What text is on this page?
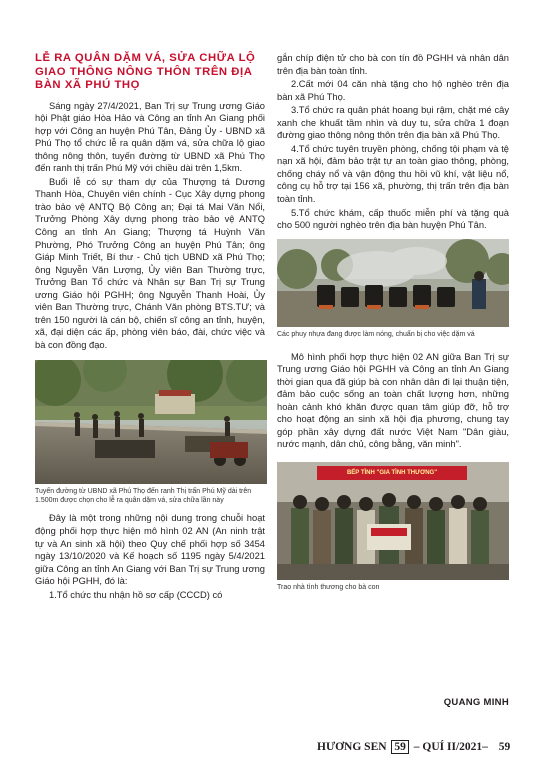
LỄ RA QUÂN DẶM VÁ, SỬA CHỮA LỘ
GIAO THÔNG NÔNG THÔN TRÊN ĐỊA
BÀN XÃ PHÚ THỌ

Sáng ngày 27/4/2021, Ban Trị sự Trung ương Giáo hội Phật giáo Hòa Hảo và Công an tỉnh An Giang phối hợp với Công an huyện Phú Tân, Đảng Ủy - UBND xã Phú Thọ tổ chức lễ ra quân dặm vá, sửa chữa lộ giao thông nông thôn, tuyến đường từ UBND xã Phú Thọ đến ranh thị trấn Phú Mỹ với chiều dài trên 1,5km.

Buổi lễ có sự tham dự của Thượng tá Dương Thanh Hòa, Chuyên viên chính - Cục Xây dựng phong trào bảo vệ ANTQ Bộ Công an; Đại tá Mai Văn Nổi, Trưởng Phòng Xây dựng phong trào bảo vệ ANTQ Công an tỉnh An Giang; Thượng tá Huỳnh Văn Phường, Phó Trưởng Công an huyện Phú Tân; ông Giáp Minh Triết, Bí thư - Chủ tịch UBND xã Phú Thọ; ông Nguyễn Văn Lượng, Ủy viên Ban Thường trực, Trưởng Ban Tổ chức và Nhân sự Ban Trị sự Trung ương Giáo hội PGHH; ông Nguyễn Thanh Hoài, Ủy viên Ban Thường trực, Chánh Văn phòng BTS.TƯ; và trên 150 người là cán bộ, chiến sĩ công an tỉnh, huyện, xã, đại diện các ấp, phòng viên báo, đài, chức việc và bà con đồng đạo.

Tuyến đường từ UBND xã Phú Thọ đến ranh Thị trấn Phú Mỹ dài trên 1.500m được chọn cho lễ ra quân dặm vá, sửa chữa lần này

Đây là một trong những nội dung trong chuỗi hoạt động phối hợp thực hiện mô hình 02 AN (An ninh trật tự và An sinh xã hội) theo Quy chế phối hợp số 3454 ngày 13/10/2020 và Kế hoạch số 1195 ngày 5/4/2021 giữa Công an tỉnh An Giang với Ban Trị sự Trung ương Giáo hội PGHH, đó là:

1.Tổ chức thu nhận hồ sơ cấp (CCCD) có

gắn chíp điện tử cho bà con tín đồ PGHH và nhân dân trên địa bàn toàn tỉnh.

2.Cất mới 04 căn nhà tặng cho hộ nghèo trên địa bàn xã Phú Thọ.

3.Tổ chức ra quân phát hoang bụi rậm, chặt mé cây xanh che khuất tầm nhìn và duy tu, sửa chữa 1 đoạn đường giao thông nông thôn trên địa bàn xã Phú Thọ.

4.Tổ chức tuyên truyền phòng, chống tội phạm và tệ nạn xã hội, đảm bảo trật tự an toàn giao thông, phòng, chống cháy nổ và vận động thu hồi vũ khí, vật liệu nổ, công cụ hỗ trợ tại 156 xã, phường, thị trấn trên địa bàn toàn tỉnh.

5.Tổ chức khám, cấp thuốc miễn phí và tặng quà cho 500 người nghèo trên địa bàn huyện Phú Tân.

Các phuy nhựa đang được làm nóng, chuẩn bị cho việc dặm vá

Mô hình phối hợp thực hiện 02 AN giữa Ban Trị sự Trung ương Giáo hội PGHH và Công an tỉnh An Giang thời gian qua đã giúp bà con nhân dân đi lại thuận tiện, đảm bảo cuộc sống an toàn chất lượng hơn, những hoàn cảnh khó khăn được quan tâm giúp đỡ, hỗ trợ cho hoạt động an sinh xã hội địa phương, chung tay góp phần xây dựng đất nước Việt Nam "Dân giàu, nước mạnh, dân chủ, công bằng, văn minh".

BẾP TÌNH "GIA TÌNH THƯƠNG"
Trao nhà tình thương cho bà con
QUANG MINH
HƯƠNG SEN 59 – QUÍ II/2021– 59
